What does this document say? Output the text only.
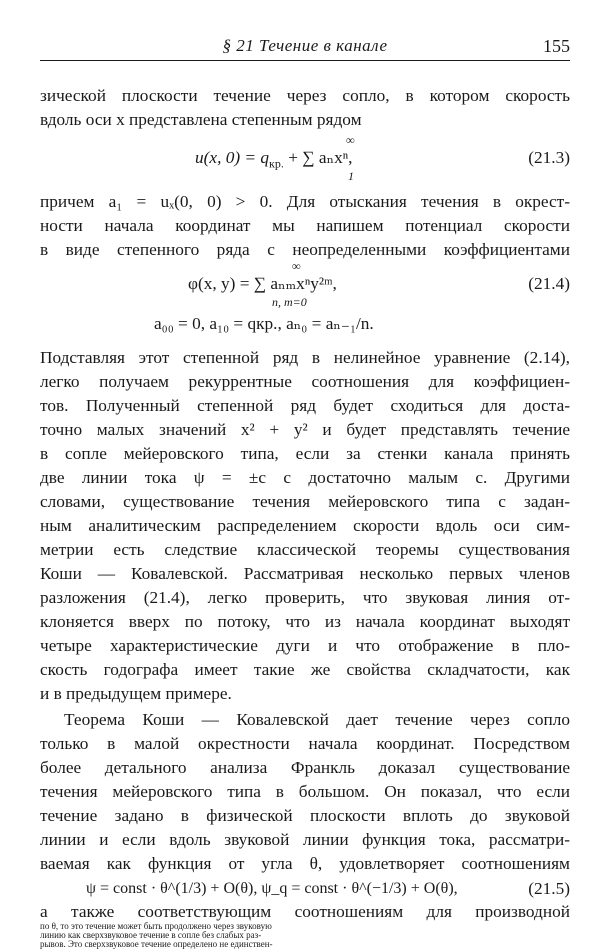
§ 21 Течение в канале	155
зической плоскости течение через сопло, в котором скорость
вдоль оси x представлена степенным рядом
∞
u(x, $0) = q_{кр.}$ + ∑ aₙxⁿ,
1
(21.3)
причем a₁ = uₓ(0, 0) > 0. Для отыскания течения в окрест-
ности начала координат мы напишем потенциал скорости
в виде степенного ряда с неопределенными коэффициентами
∞
φ(x, y) = ∑ aₙₘxⁿy²ᵐ,
n, m=0
(21.4)
a₀₀ = 0, a₁₀ = qкр., aₙ₀ = aₙ₋₁/n.
Подставляя этот степенной ряд в нелинейное уравнение (2.14),
легко получаем рекуррентные соотношения для коэффициен-
тов. Полученный степенной ряд будет сходиться для доста-
точно малых значений x² + y² и будет представлять течение
в сопле мейеровского типа, если за стенки канала принять
две линии тока ψ = ±c с достаточно малым c. Другими
словами, существование течения мейеровского типа с задан-
ным аналитическим распределением скорости вдоль оси сим-
метрии есть следствие классической теоремы существования
Коши — Ковалевской. Рассматривая несколько первых членов
разложения (21.4), легко проверить, что звуковая линия от-
клоняется вверх по потоку, что из начала координат выходят
четыре характеристические дуги и что отображение в пло-
скость годографа имеет такие же свойства складчатости, как
и в предыдущем примере.
Теорема Коши — Ковалевской дает течение через сопло
только в малой окрестности начала координат. Посредством
более детального анализа Франкль доказал существование
течения мейеровского типа в большом. Он показал, что если
течение задано в физической плоскости вплоть до звуковой
линии и если вдоль звуковой линии функция тока, рассматри-
ваемая как функция от угла θ, удовлетворяет соотношениям
ψ = const · θ^(1/3) + O(θ), ψ_q = const · θ^(−1/3) + O(θ),	(21.5)
а также соответствующим соотношениям для производной
по θ, то это течение может быть продолжено через звуковую
линию как сверхзвуковое течение в сопле без слабых раз-
рывов. Это сверхзвуковое течение определено не единствен-
